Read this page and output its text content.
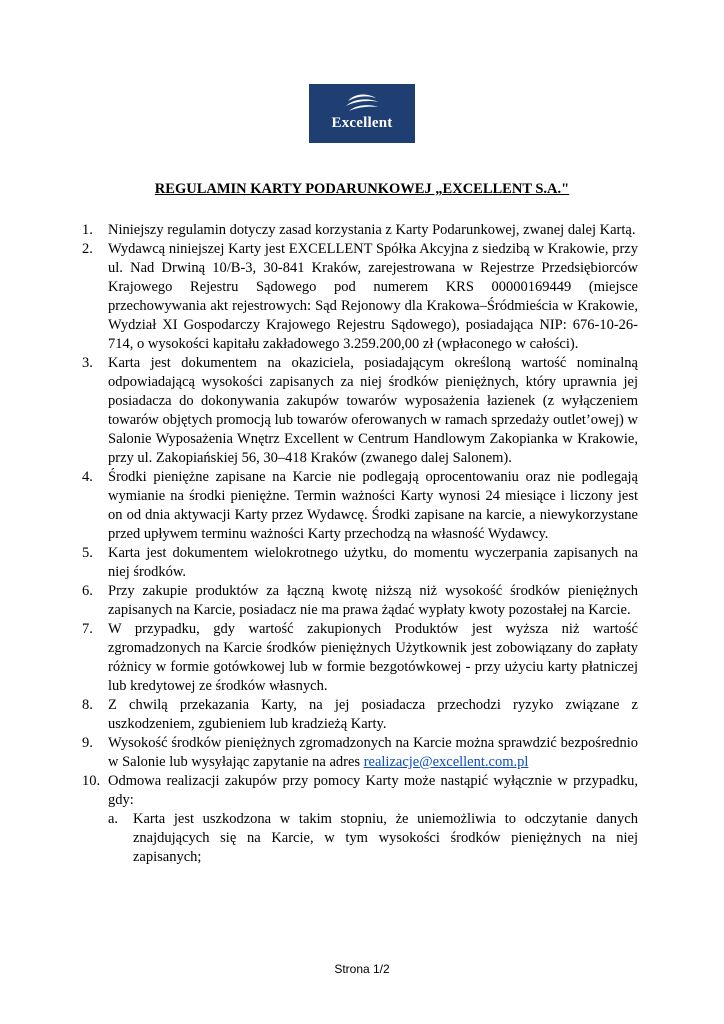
Excellent
REGULAMIN KARTY PODARUNKOWEJ „EXCELLENT S.A."
1. Niniejszy regulamin dotyczy zasad korzystania z Karty Podarunkowej, zwanej dalej Kartą.
2. Wydawcą niniejszej Karty jest EXCELLENT Spółka Akcyjna z siedzibą w Krakowie, przy ul. Nad Drwiną 10/B-3, 30-841 Kraków, zarejestrowana w Rejestrze Przedsiębiorców Krajowego Rejestru Sądowego pod numerem KRS 00000169449 (miejsce przechowywania akt rejestrowych: Sąd Rejonowy dla Krakowa–Śródmieścia w Krakowie, Wydział XI Gospodarczy Krajowego Rejestru Sądowego), posiadająca NIP: 676-10-26-714, o wysokości kapitału zakładowego 3.259.200,00 zł (wpłaconego w całości).
3. Karta jest dokumentem na okaziciela, posiadającym określoną wartość nominalną odpowiadającą wysokości zapisanych za niej środków pieniężnych, który uprawnia jej posiadacza do dokonywania zakupów towarów wyposażenia łazienek (z wyłączeniem towarów objętych promocją lub towarów oferowanych w ramach sprzedaży outlet’owej) w Salonie Wyposażenia Wnętrz Excellent w Centrum Handlowym Zakopianka w Krakowie, przy ul. Zakopiańskiej 56, 30–418 Kraków (zwanego dalej Salonem).
4. Środki pieniężne zapisane na Karcie nie podlegają oprocentowaniu oraz nie podlegają wymianie na środki pieniężne. Termin ważności Karty wynosi 24 miesiące i liczony jest on od dnia aktywacji Karty przez Wydawcę. Środki zapisane na karcie, a niewykorzystane przed upływem terminu ważności Karty przechodzą na własność Wydawcy.
5. Karta jest dokumentem wielokrotnego użytku, do momentu wyczerpania zapisanych na niej środków.
6. Przy zakupie produktów za łączną kwotę niższą niż wysokość środków pieniężnych zapisanych na Karcie, posiadacz nie ma prawa żądać wypłaty kwoty pozostałej na Karcie.
7. W przypadku, gdy wartość zakupionych Produktów jest wyższa niż wartość zgromadzonych na Karcie środków pieniężnych Użytkownik jest zobowiązany do zapłaty różnicy w formie gotówkowej lub w formie bezgotówkowej - przy użyciu karty płatniczej lub kredytowej ze środków własnych.
8. Z chwilą przekazania Karty, na jej posiadacza przechodzi ryzyko związane z uszkodzeniem, zgubieniem lub kradzieżą Karty.
9. Wysokość środków pieniężnych zgromadzonych na Karcie można sprawdzić bezpośrednio w Salonie lub wysyłając zapytanie na adres realizacje@excellent.com.pl
10. Odmowa realizacji zakupów przy pomocy Karty może nastąpić wyłącznie w przypadku, gdy:
a. Karta jest uszkodzona w takim stopniu, że uniemożliwia to odczytanie danych znajdujących się na Karcie, w tym wysokości środków pieniężnych na niej zapisanych;
Strona 1/2
